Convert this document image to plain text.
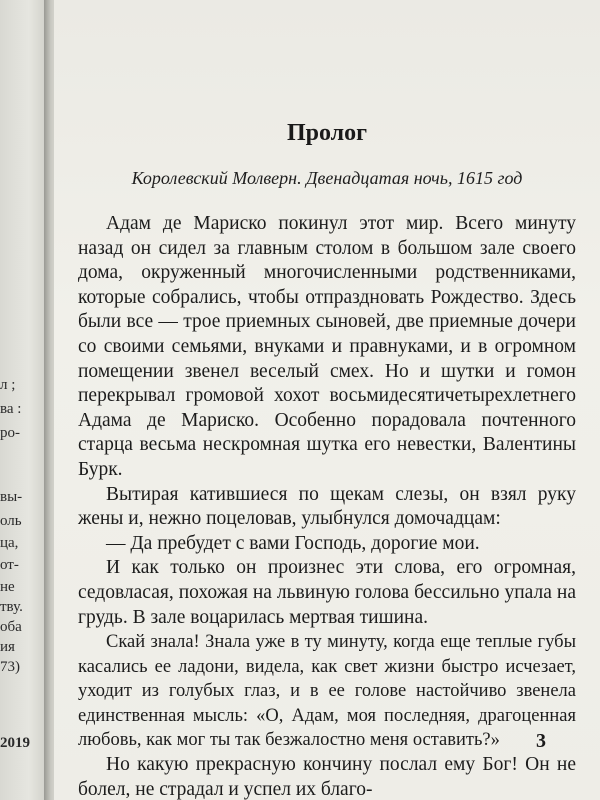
л ;
ва :
ро-
вы-
оль
ца,
от-
не
тву.
оба
ия
73)
2019
Пролог
Королевский Молверн. Двенадцатая ночь, 1615 год

Адам де Мариско покинул этот мир. Всего минуту назад он сидел за главным столом в большом зале своего дома, окруженный многочисленными родственниками, которые собрались, чтобы отпраздновать Рождество. Здесь были все — трое приемных сыновей, две приемные дочери со своими семьями, внуками и правнуками, и в огромном помещении звенел веселый смех. Но и шутки и гомон перекрывал громовой хохот восьмидесятичетырехлетнего Адама де Мариско. Особенно порадовала почтенного старца весьма нескромная шутка его невестки, Валентины Бурк.

Вытирая катившиеся по щекам слезы, он взял руку жены и, нежно поцеловав, улыбнулся домочадцам:

— Да пребудет с вами Господь, дорогие мои.

И как только он произнес эти слова, его огромная, седовласая, похожая на львиную голова бессильно упала на грудь. В зале воцарилась мертвая тишина.

Скай знала! Знала уже в ту минуту, когда еще теплые губы касались ее ладони, видела, как свет жизни быстро исчезает, уходит из голубых глаз, и в ее голове настойчиво звенела единственная мысль: «О, Адам, моя последняя, драгоценная любовь, как мог ты так безжалостно меня оставить?»

Но какую прекрасную кончину послал ему Бог! Он не болел, не страдал и успел их благо-

3
